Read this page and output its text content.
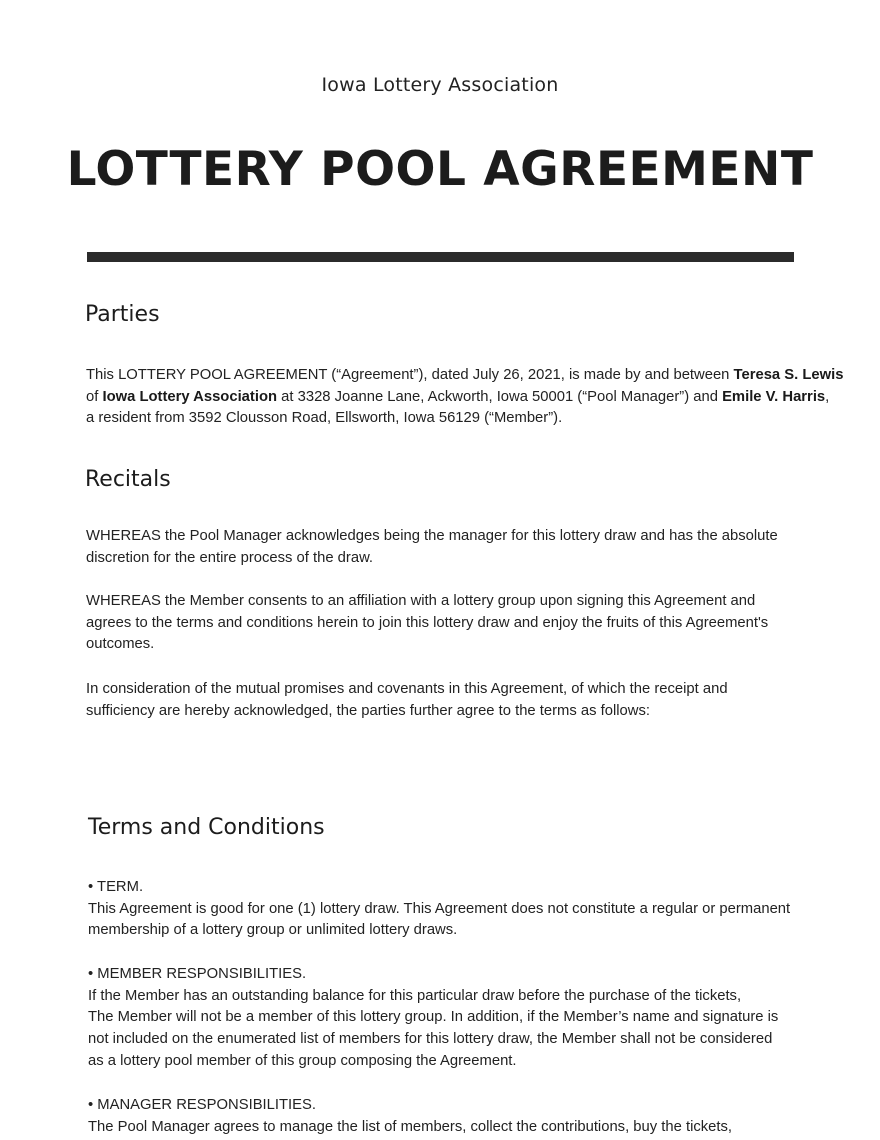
Iowa Lottery Association
LOTTERY POOL AGREEMENT
Parties
This LOTTERY POOL AGREEMENT (“Agreement”), dated July 26, 2021, is made by and between Teresa S. Lewis
of Iowa Lottery Association at 3328 Joanne Lane, Ackworth, Iowa 50001 (“Pool Manager”) and Emile V. Harris,
a resident from 3592 Clousson Road, Ellsworth, Iowa 56129 (“Member”).
Recitals
WHEREAS the Pool Manager acknowledges being the manager for this lottery draw and has the absolute
discretion for the entire process of the draw.
WHEREAS the Member consents to an affiliation with a lottery group upon signing this Agreement and
agrees to the terms and conditions herein to join this lottery draw and enjoy the fruits of this Agreement's
outcomes.
In consideration of the mutual promises and covenants in this Agreement, of which the receipt and
sufficiency are hereby acknowledged, the parties further agree to the terms as follows:
Terms and Conditions
• TERM.
This Agreement is good for one (1) lottery draw. This Agreement does not constitute a regular or permanent
membership of a lottery group or unlimited lottery draws.
• MEMBER RESPONSIBILITIES.
If the Member has an outstanding balance for this particular draw before the purchase of the tickets,
The Member will not be a member of this lottery group. In addition, if the Member’s name and signature is
not included on the enumerated list of members for this lottery draw, the Member shall not be considered
as a lottery pool member of this group composing the Agreement.
• MANAGER RESPONSIBILITIES.
The Pool Manager agrees to manage the list of members, collect the contributions, buy the tickets,
